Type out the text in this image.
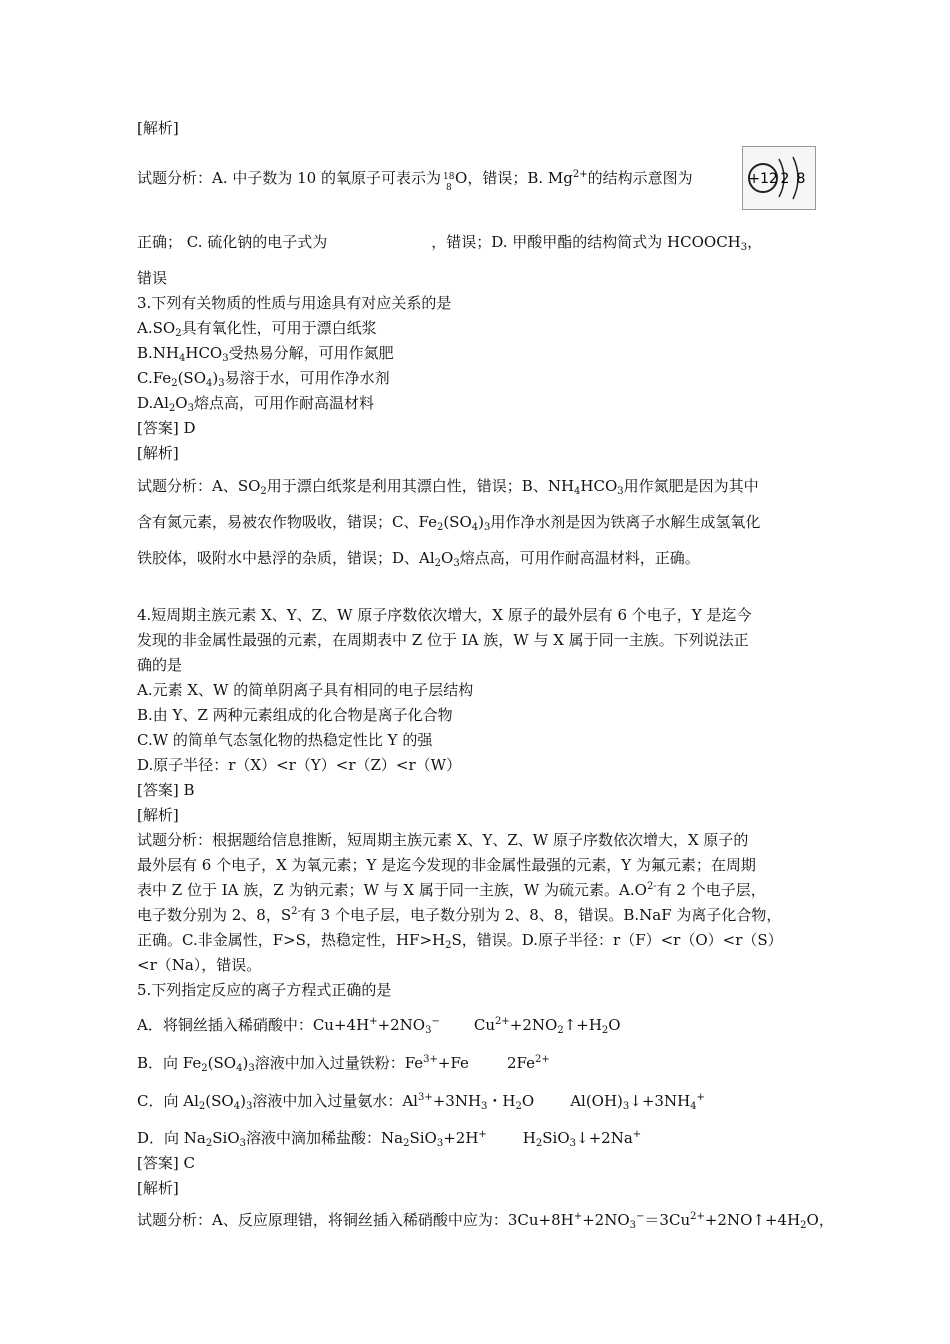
[解析]
试题分析：A. 中子数为 10 的氧原子可表示为 18
8
O，错误；B. $Mg^{2+}$的结构示意图为	+12 2 8
正确； C. 硫化钠的电子式为	，错误；D. 甲酸甲酯的结构简式为 $HCOOCH_3$，
错误
3.下列有关物质的性质与用途具有对应关系的是
$A.SO_2$具有氧化性，可用于漂白纸浆
$B.NH_4HCO_3$受热易分解，可用作氮肥
$C.Fe_2(SO_4)_3$易溶于水，可用作净水剂
$D.Al_2O_3$熔点高，可用作耐高温材料
[答案] D
[解析]
试题分析：A、$SO_2$用于漂白纸浆是利用其漂白性，错误；B、$NH_4HCO_3$用作氮肥是因为其中
含有氮元素，易被农作物吸收，错误；C、$Fe_2(SO_4)_3$用作净水剂是因为铁离子水解生成氢氧化
铁胶体，吸附水中悬浮的杂质，错误；D、$Al_2O_3$熔点高，可用作耐高温材料，正确。
4.短周期主族元素 X、Y、Z、W 原子序数依次增大，X 原子的最外层有 6 个电子，Y 是迄今
发现的非金属性最强的元素，在周期表中 Z 位于 IA 族，W 与 X 属于同一主族。下列说法正
确的是
A.元素 X、W 的简单阴离子具有相同的电子层结构
B.由 Y、Z 两种元素组成的化合物是离子化合物
C.W 的简单气态氢化物的热稳定性比 Y 的强
D.原子半径：r（X）<r（Y）<r（Z）<r（W）
[答案] B
[解析]
试题分析：根据题给信息推断，短周期主族元素 X、Y、Z、W 原子序数依次增大，X 原子的
最外层有 6 个电子，X 为氧元素；Y 是迄今发现的非金属性最强的元素，Y 为氟元素；在周期
表中 Z 位于 IA 族，Z 为钠元素；W 与 X 属于同一主族，W 为硫元素。$A.O^{2-}$有 2 个电子层，
电子数分别为 2、8，$S^{2-}$有 3 个电子层，电子数分别为 2、8、8，错误。B.NaF 为离子化合物，
正确。C.非金属性，F>S，热稳定性，$HF>H_2S$，错误。D.原子半径：r（F）<r（O）<r（S）
<r（Na），错误。
5.下列指定反应的离子方程式正确的是
A．将铜丝插入稀硝酸中：$Cu+4H^++2NO_3^-$ $Cu^{2+}+2NO_2↑+H_2O$
B．向 $Fe_2(SO_4)_3$溶液中加入过量铁粉：$Fe^{3+}+Fe$	$2Fe^{2+}$
C．向 $Al_2(SO_4)_3$溶液中加入过量氨水：$Al^{3+}+3NH_3$・$H_2O$ $Al(OH)_3↓+3NH_4^+$
D．向 $Na_2SiO_3$溶液中滴加稀盐酸：$Na_2SiO_3+2H^+$ $H_2SiO_3↓+2Na^+$
[答案] C
[解析]
试题分析：A、反应原理错，将铜丝插入稀硝酸中应为：$3Cu+8H^++2NO_3^-=3Cu^{2+}+2NO↑+4H_2O$，
